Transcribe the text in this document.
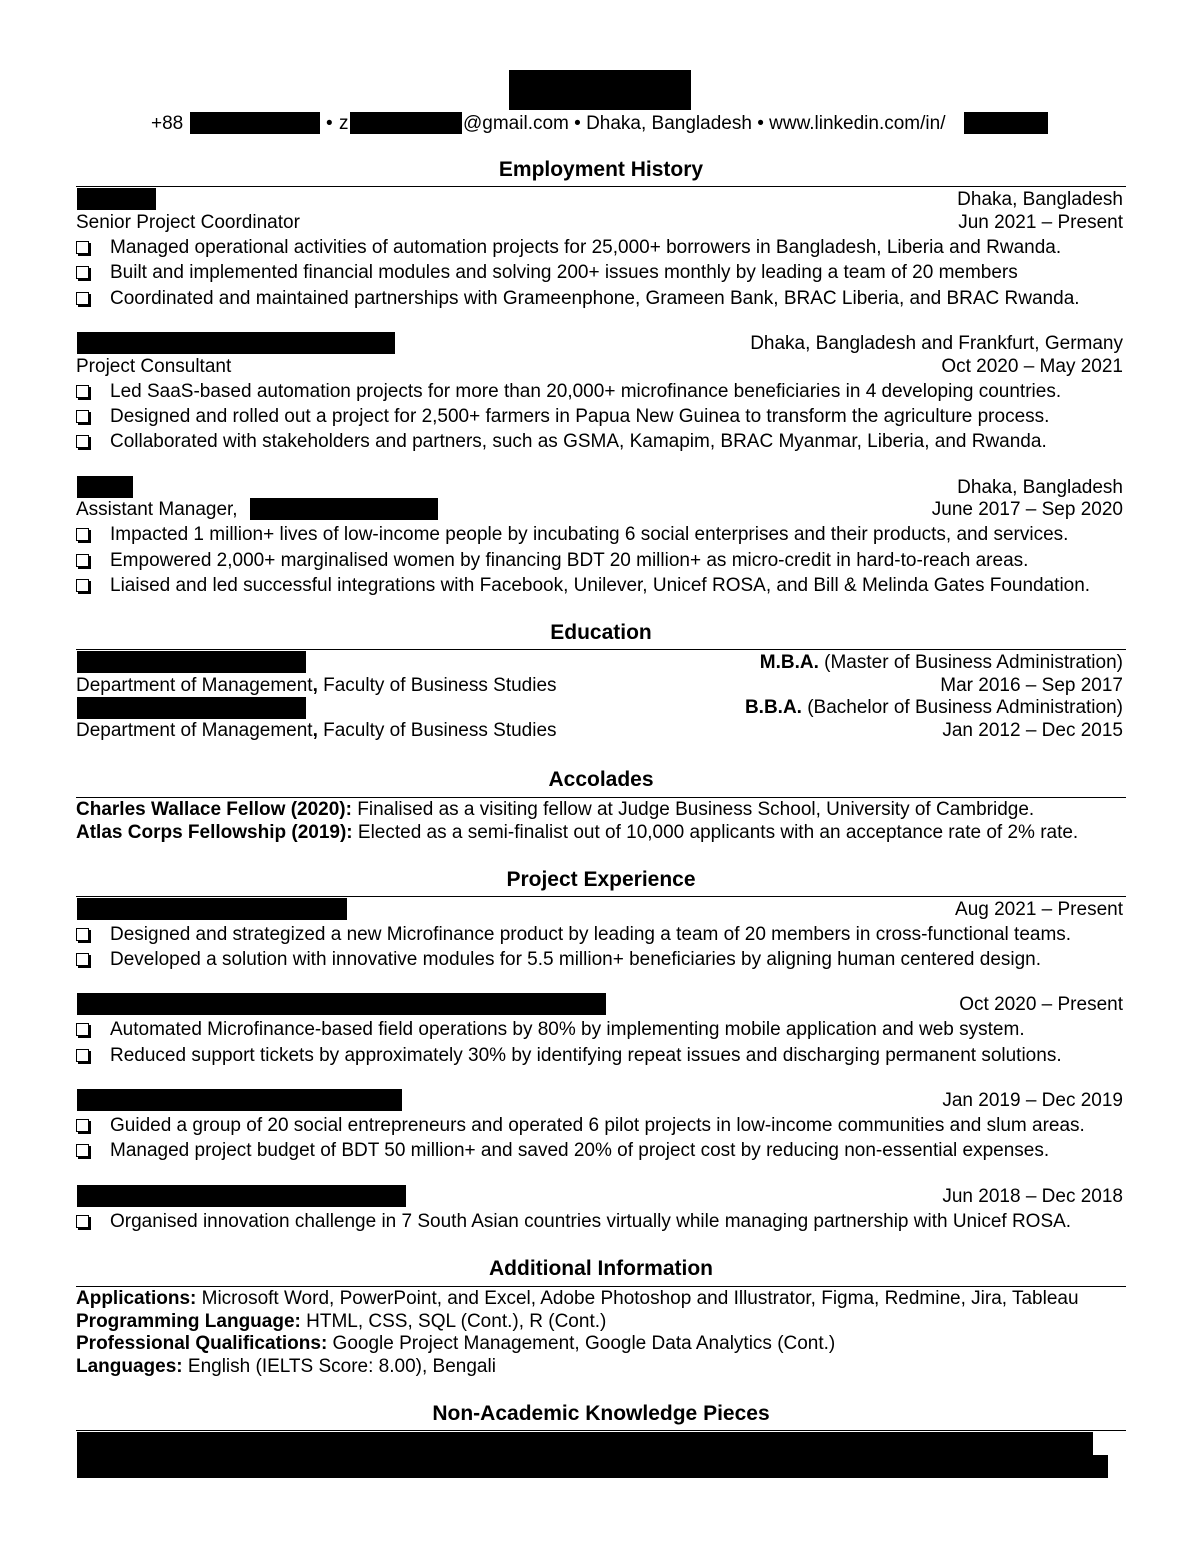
+88	• z	@gmail.com • Dhaka, Bangladesh • www.linkedin.com/in/
Employment History
Dhaka, Bangladesh
Senior Project Coordinator	Jun 2021 – Present
Managed operational activities of automation projects for 25,000+ borrowers in Bangladesh, Liberia and Rwanda.
Built and implemented financial modules and solving 200+ issues monthly by leading a team of 20 members
Coordinated and maintained partnerships with Grameenphone, Grameen Bank, BRAC Liberia, and BRAC Rwanda.
Dhaka, Bangladesh and Frankfurt, Germany
Project Consultant	Oct 2020 – May 2021
Led SaaS-based automation projects for more than 20,000+ microfinance beneficiaries in 4 developing countries.
Designed and rolled out a project for 2,500+ farmers in Papua New Guinea to transform the agriculture process.
Collaborated with stakeholders and partners, such as GSMA, Kamapim, BRAC Myanmar, Liberia, and Rwanda.
Dhaka, Bangladesh
Assistant Manager,	June 2017 – Sep 2020
Impacted 1 million+ lives of low-income people by incubating 6 social enterprises and their products, and services.
Empowered 2,000+ marginalised women by financing BDT 20 million+ as micro-credit in hard-to-reach areas.
Liaised and led successful integrations with Facebook, Unilever, Unicef ROSA, and Bill & Melinda Gates Foundation.
Education
M.B.A. (Master of Business Administration)
Department of Management, Faculty of Business Studies	Mar 2016 – Sep 2017
B.B.A. (Bachelor of Business Administration)
Department of Management, Faculty of Business Studies	Jan 2012 – Dec 2015
Accolades
Charles Wallace Fellow (2020): Finalised as a visiting fellow at Judge Business School, University of Cambridge.
Atlas Corps Fellowship (2019): Elected as a semi-finalist out of 10,000 applicants with an acceptance rate of 2% rate.
Project Experience
Aug 2021 – Present
Designed and strategized a new Microfinance product by leading a team of 20 members in cross-functional teams.
Developed a solution with innovative modules for 5.5 million+ beneficiaries by aligning human centered design.
Oct 2020 – Present
Automated Microfinance-based field operations by 80% by implementing mobile application and web system.
Reduced support tickets by approximately 30% by identifying repeat issues and discharging permanent solutions.
Jan 2019 – Dec 2019
Guided a group of 20 social entrepreneurs and operated 6 pilot projects in low-income communities and slum areas.
Managed project budget of BDT 50 million+ and saved 20% of project cost by reducing non-essential expenses.
Jun 2018 – Dec 2018
Organised innovation challenge in 7 South Asian countries virtually while managing partnership with Unicef ROSA.
Additional Information
Applications: Microsoft Word, PowerPoint, and Excel, Adobe Photoshop and Illustrator, Figma, Redmine, Jira, Tableau
Programming Language: HTML, CSS, SQL (Cont.), R (Cont.)
Professional Qualifications: Google Project Management, Google Data Analytics (Cont.)
Languages: English (IELTS Score: 8.00), Bengali
Non-Academic Knowledge Pieces
